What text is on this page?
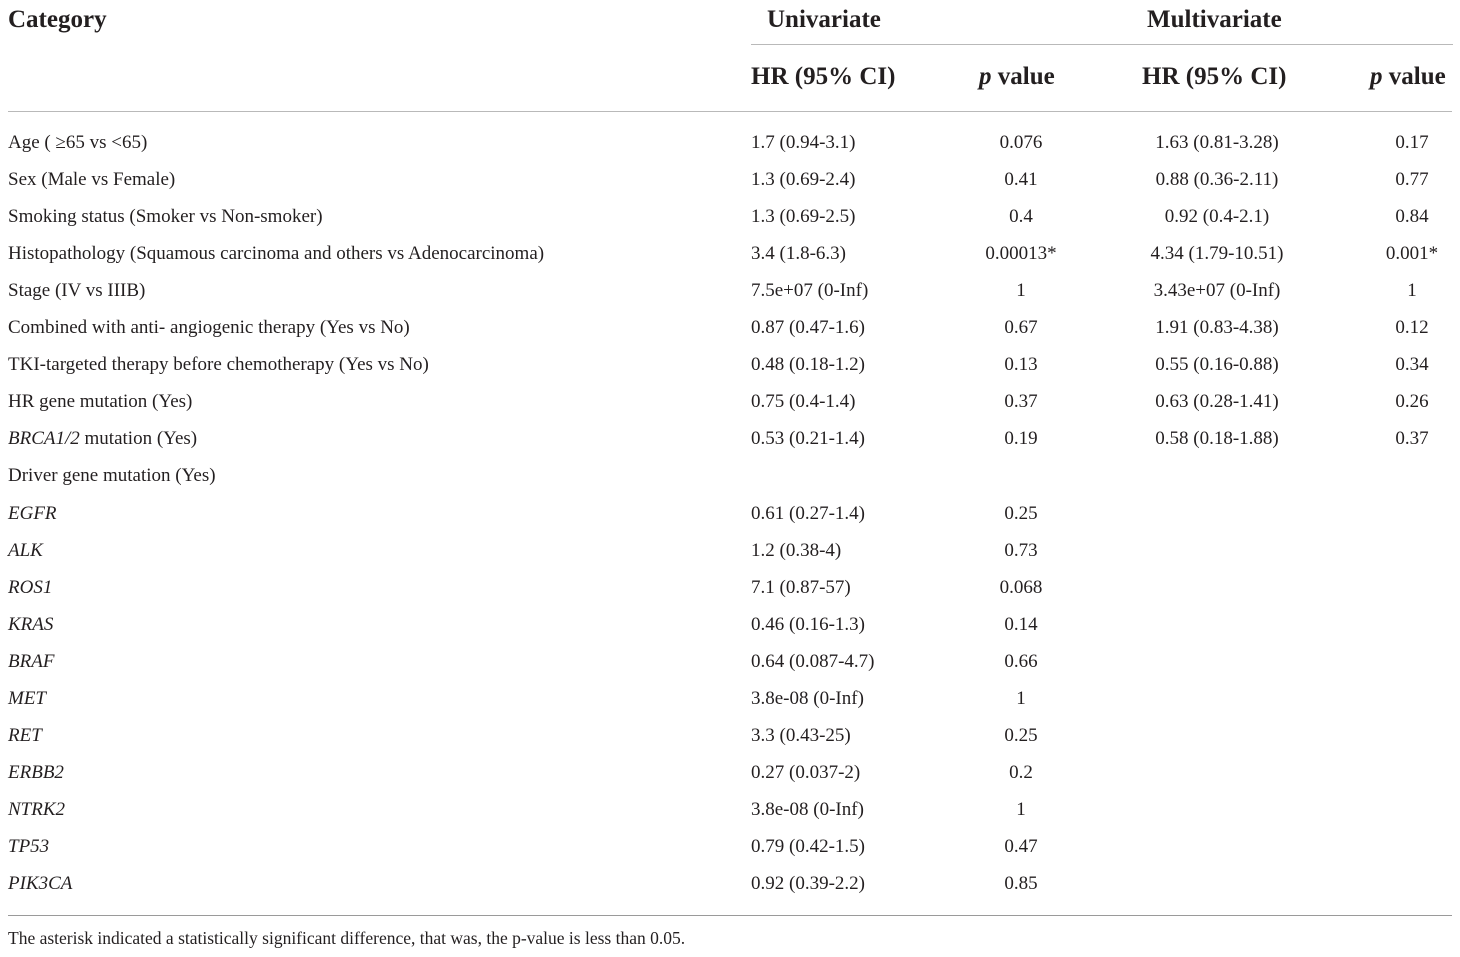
Category	Univariate	Multivariate
HR (95% CI)	p value	HR (95% CI)	p value
Age ( ≥65 vs <65)	1.7 (0.94-3.1)	0.076	1.63 (0.81-3.28)	0.17
Sex (Male vs Female)	1.3 (0.69-2.4)	0.41	0.88 (0.36-2.11)	0.77
Smoking status (Smoker vs Non-smoker)	1.3 (0.69-2.5)	0.4	0.92 (0.4-2.1)	0.84
Histopathology (Squamous carcinoma and others vs Adenocarcinoma)	3.4 (1.8-6.3)	0.00013*	4.34 (1.79-10.51)	0.001*
Stage (IV vs IIIB)	7.5e+07 (0-Inf)	1	3.43e+07 (0-Inf)	1
Combined with anti- angiogenic therapy (Yes vs No)	0.87 (0.47-1.6)	0.67	1.91 (0.83-4.38)	0.12
TKI-targeted therapy before chemotherapy (Yes vs No)	0.48 (0.18-1.2)	0.13	0.55 (0.16-0.88)	0.34
HR gene mutation (Yes)	0.75 (0.4-1.4)	0.37	0.63 (0.28-1.41)	0.26
BRCA1/2 mutation (Yes)	0.53 (0.21-1.4)	0.19	0.58 (0.18-1.88)	0.37
Driver gene mutation (Yes)
EGFR	0.61 (0.27-1.4)	0.25
ALK	1.2 (0.38-4)	0.73
ROS1	7.1 (0.87-57)	0.068
KRAS	0.46 (0.16-1.3)	0.14
BRAF	0.64 (0.087-4.7)	0.66
MET	3.8e-08 (0-Inf)	1
RET	3.3 (0.43-25)	0.25
ERBB2	0.27 (0.037-2)	0.2
NTRK2	3.8e-08 (0-Inf)	1
TP53	0.79 (0.42-1.5)	0.47
PIK3CA	0.92 (0.39-2.2)	0.85
The asterisk indicated a statistically significant difference, that was, the p-value is less than 0.05.
